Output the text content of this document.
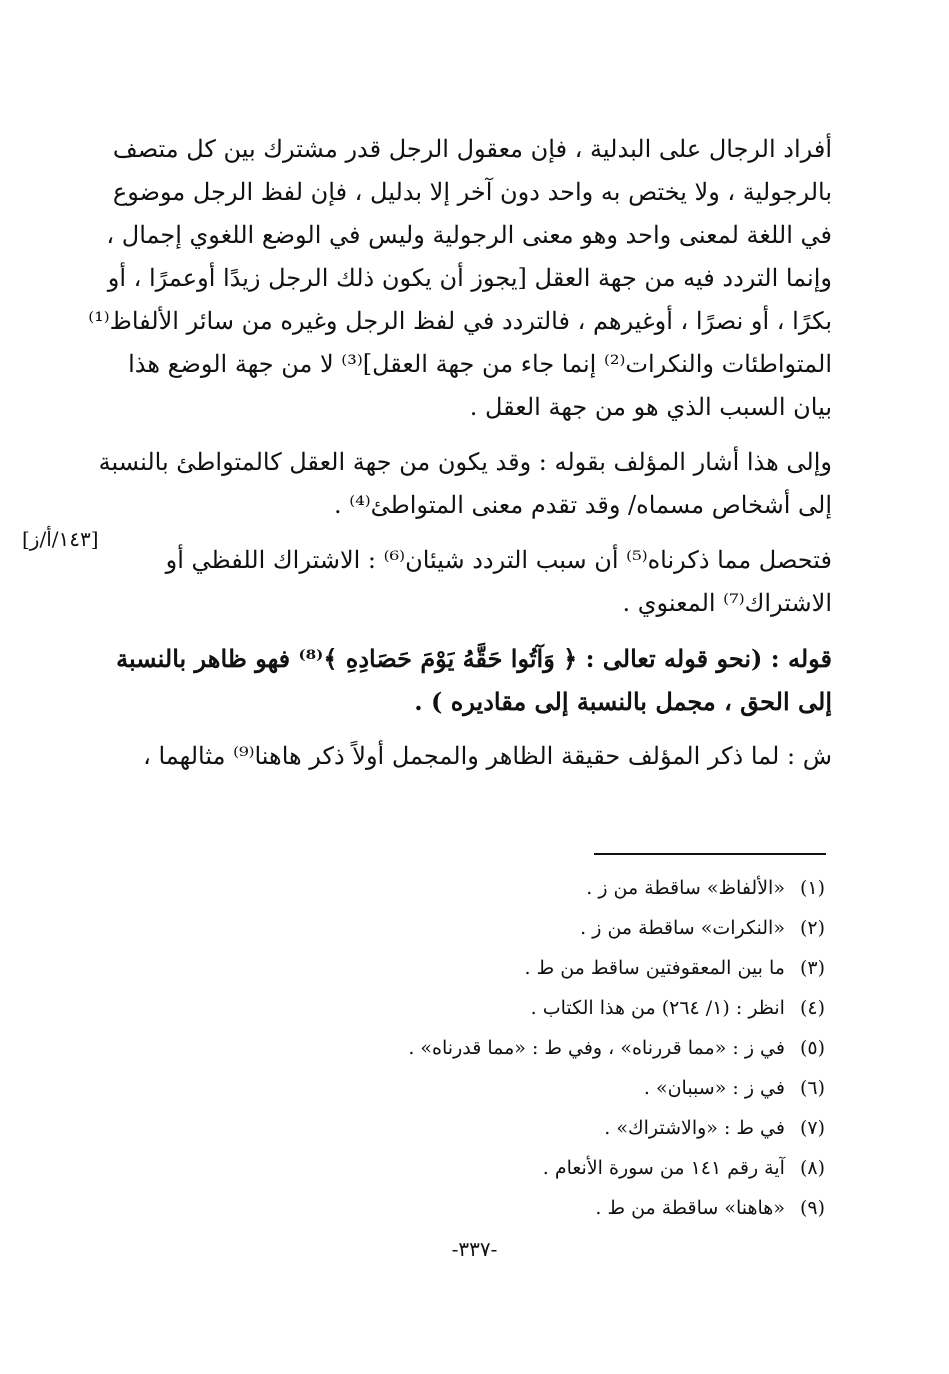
أفراد الرجال على البدلية ، فإن معقول الرجل قدر مشترك بين كل متصف
بالرجولية ، ولا يختص به واحد دون آخر إلا بدليل ، فإن لفظ الرجل موضوع
في اللغة لمعنى واحد وهو معنى الرجولية وليس في الوضع اللغوي إجمال ،
وإنما التردد فيه من جهة العقل [يجوز أن يكون ذلك الرجل زيدًا أوعمرًا ، أو
بكرًا ، أو نصرًا ، أوغيرهم ، فالتردد في لفظ الرجل وغيره من سائر الألفاظ⁽¹⁾
المتواطئات والنكرات⁽²⁾ إنما جاء من جهة العقل]⁽³⁾ لا من جهة الوضع هذا
بيان السبب الذي هو من جهة العقل .
وإلى هذا أشار المؤلف بقوله : وقد يكون من جهة العقل كالمتواطئ بالنسبة
إلى أشخاص مسماه/ وقد تقدم معنى المتواطئ⁽⁴⁾ .
فتحصل مما ذكرناه⁽⁵⁾ أن سبب التردد شيئان⁽⁶⁾ : الاشتراك اللفظي أو
الاشتراك⁽⁷⁾ المعنوي .
قوله : (نحو قوله تعالى : ﴿ وَآتُوا حَقَّهُ يَوْمَ حَصَادِهِ ﴾⁽⁸⁾ فهو ظاهر بالنسبة
إلى الحق ، مجمل بالنسبة إلى مقاديره ) .
ش : لما ذكر المؤلف حقيقة الظاهر والمجمل أولاً ذكر هاهنا⁽⁹⁾ مثالهما ،
[١٤٣/أ/ز]
(١) «الألفاظ» ساقطة من ز .
(٢) «النكرات» ساقطة من ز .
(٣) ما بين المعقوفتين ساقط من ط .
(٤) انظر : (١/ ٢٦٤) من هذا الكتاب .
(٥) في ز : «مما قررناه» ، وفي ط : «مما قدرناه» .
(٦) في ز : «سببان» .
(٧) في ط : «والاشتراك» .
(٨) آية رقم ١٤١ من سورة الأنعام .
(٩) «هاهنا» ساقطة من ط .
-٣٣٧-
